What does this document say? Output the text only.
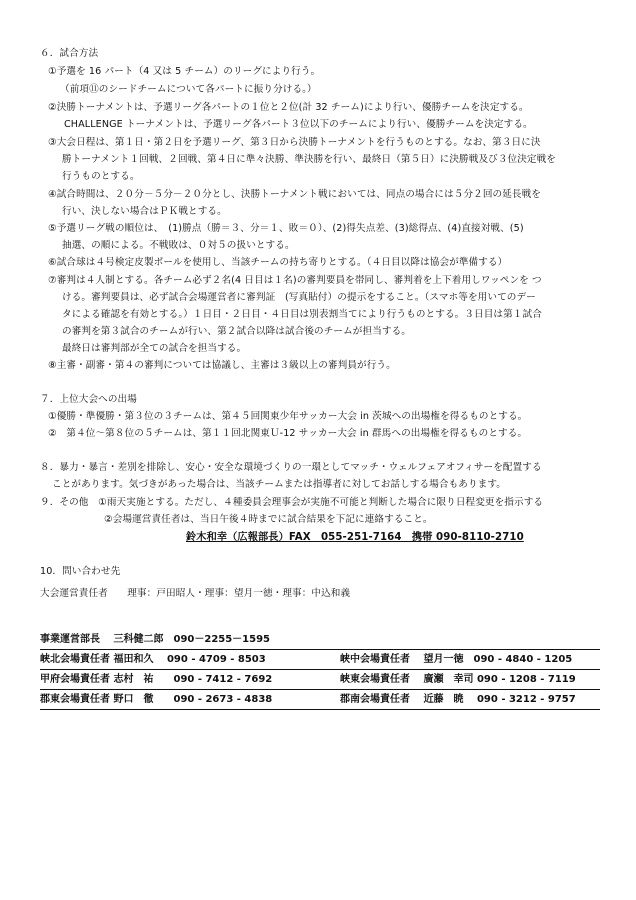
６．試合方法
①予選を 16 パート（4 又は 5 チーム）のリーグにより行う。
（前項⑪のシードチームについて各パートに振り分ける。）
②決勝トーナメントは、予選リーグ各パートの１位と２位(計 32 チーム)により行い、優勝チームを決定する。
CHALLENGE トーナメントは、予選リーグ各パート３位以下のチームにより行い、優勝チームを決定する。
③大会日程は、第１日・第２日を予選リーグ、第３日から決勝トーナメントを行うものとする。なお、第３日に決
勝トーナメント１回戦、２回戦、第４日に準々決勝、準決勝を行い、最終日（第５日）に決勝戦及び３位決定戦を
行うものとする。
④試合時間は、２０分－５分－２０分とし、決勝トーナメント戦においては、同点の場合には５分２回の延長戦を
行い、決しない場合はＰＫ戦とする。
⑤予選リーグ戦の順位は、　(1)勝点（勝＝３、分＝１、敗＝０）、(2)得失点差、(3)総得点、(4)直接対戦、(5)
抽選、の順による。不戦敗は、０対５の扱いとする。
⑥試合球は４号検定皮製ボールを使用し、当該チームの持ち寄りとする。（４日目以降は協会が準備する）
⑦審判は４人制とする。各チーム必ず２名(4 日目は１名)の審判要員を帯同し、審判着を上下着用しワッペンを つ
ける。審判要員は、必ず試合会場運営者に審判証　(写真貼付）の提示をすること。（スマホ等を用いてのデー
タによる確認を有効とする。）１日目・２日目・４日目は別表割当てにより行うものとする。３日目は第１試合
の審判を第３試合のチームが行い、第２試合以降は試合後のチームが担当する。
最終日は審判部が全ての試合を担当する。
⑧主審・副審・第４の審判については協議し、主審は３級以上の審判員が行う。
７．上位大会への出場
①優勝・準優勝・第３位の３チームは、第４５回関東少年サッカー大会 in 茨城への出場権を得るものとする。
②　第４位～第８位の５チームは、第１１回北関東Ｕ-12 サッカー大会 in 群馬への出場権を得るものとする。
８．暴力・暴言・差別を排除し、安心・安全な環境づくりの一環としてマッチ・ウェルフェアオフィサーを配置する
ことがあります。気づきがあった場合は、当該チームまたは指導者に対してお話しする場合もあります。
９．その他　①雨天実施とする。ただし、４種委員会理事会が実施不可能と判断した場合に限り日程変更を指示する
②会場運営責任者は、当日午後４時までに試合結果を下記に連絡すること。
鈴木和幸（広報部長）FAX　055-251-7164　携帯 090-8110-2710
10．問い合わせ先
大会運営責任者　　理事：戸田昭人・理事：望月一徳・理事：中込和義
事業運営部長　 三科健二郎　090－2255－1595
峡北会場責任者 福田和久　 090 - 4709 - 8503	峡中会場責任者　 望月一徳　090 - 4840 - 1205
甲府会場責任者 志村　祐　　090 - 7412 - 7692	峡東会場責任者　 廣瀬　幸司 090 - 1208 - 7119
郡東会場責任者 野口　徹　　090 - 2673 - 4838	郡南会場責任者　 近藤　暁　 090 - 3212 - 9757
